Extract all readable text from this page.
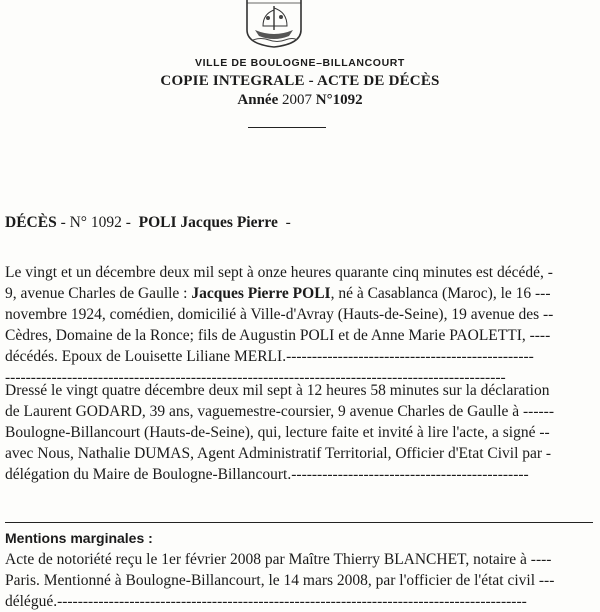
VILLE DE BOULOGNE–BILLANCOURT
COPIE INTEGRALE - ACTE DE DÉCÈS
Année 2007 N°1092
DÉCÈS - N° 1092 -  POLI Jacques Pierre  -
Le vingt et un décembre deux mil sept à onze heures quarante cinq minutes est décédé, -
9, avenue Charles de Gaulle : Jacques Pierre POLI, né à Casablanca (Maroc), le 16 ---
novembre 1924, comédien, domicilié à Ville-d'Avray (Hauts-de-Seine), 19 avenue des --
Cèdres, Domaine de la Ronce; fils de Augustin POLI et de Anne Marie PAOLETTI, ----
décédés. Epoux de Louisette Liliane MERLI.------------------------------------------------
-------------------------------------------------------------------------------------------------
Dressé le vingt quatre décembre deux mil sept à 12 heures 58 minutes sur la déclaration
de Laurent GODARD, 39 ans, vaguemestre-coursier, 9 avenue Charles de Gaulle à ------
Boulogne-Billancourt (Hauts-de-Seine), qui, lecture faite et invité à lire l'acte, a signé --
avec Nous, Nathalie DUMAS, Agent Administratif Territorial, Officier d'Etat Civil par -
délégation du Maire de Boulogne-Billancourt.----------------------------------------------
Mentions marginales :
Acte de notoriété reçu le 1er février 2008 par Maître Thierry BLANCHET, notaire à ----
Paris. Mentionné à Boulogne-Billancourt, le 14 mars 2008, par l'officier de l'état civil ---
délégué.-------------------------------------------------------------------------------------------
